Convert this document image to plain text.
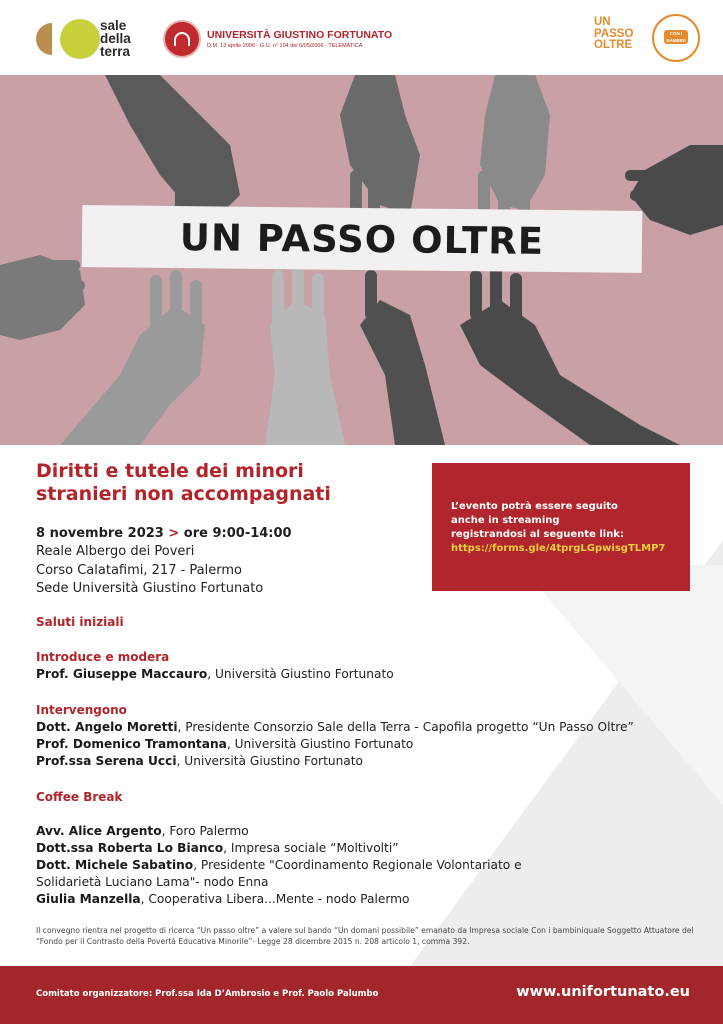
sale
della
terra
UNIVERSITÀ GIUSTINO FORTUNATO
D.M. 13 aprile 2006 - G.U. n° 104 del 6/05/2006 - TELEMATICA
UN
PASSO
OLTRE
CON I BAMBINI
UN PASSO OLTRE
Diritti e tutele dei minori
stranieri non accompagnati
L’evento potrà essere seguito
anche in streaming
registrandosi al seguente link:
https://forms.gle/4tprgLGpwisgTLMP7
8 novembre 2023 > ore 9:00-14:00
Reale Albergo dei Poveri
Corso Calatafimi, 217 - Palermo
Sede Università Giustino Fortunato
Saluti iniziali
Introduce e modera
Prof. Giuseppe Maccauro, Università Giustino Fortunato
Intervengono
Dott. Angelo Moretti, Presidente Consorzio Sale della Terra - Capofila progetto “Un Passo Oltre”
Prof. Domenico Tramontana, Università Giustino Fortunato
Prof.ssa Serena Ucci, Università Giustino Fortunato
Coffee Break
Avv. Alice Argento, Foro Palermo
Dott.ssa Roberta Lo Bianco, Impresa sociale “Moltivolti”
Dott. Michele Sabatino, Presidente "Coordinamento Regionale Volontariato e
Solidarietà Luciano Lama"- nodo Enna
Giulia Manzella, Cooperativa Libera...Mente - nodo Palermo
Il convegno rientra nel progetto di ricerca “Un passo oltre” a valere sul bando “Un domani possibile” emanato da Impresa sociale Con i bambiniquale Soggetto Attuatore del “Fondo per il Contrasto della Povertà Educativa Minorile”- Legge 28 dicembre 2015 n. 208 articolo 1, comma 392.
Comitato organizzatore: Prof.ssa Ida D’Ambrosio e Prof. Paolo Palumbo	www.unifortunato.eu
